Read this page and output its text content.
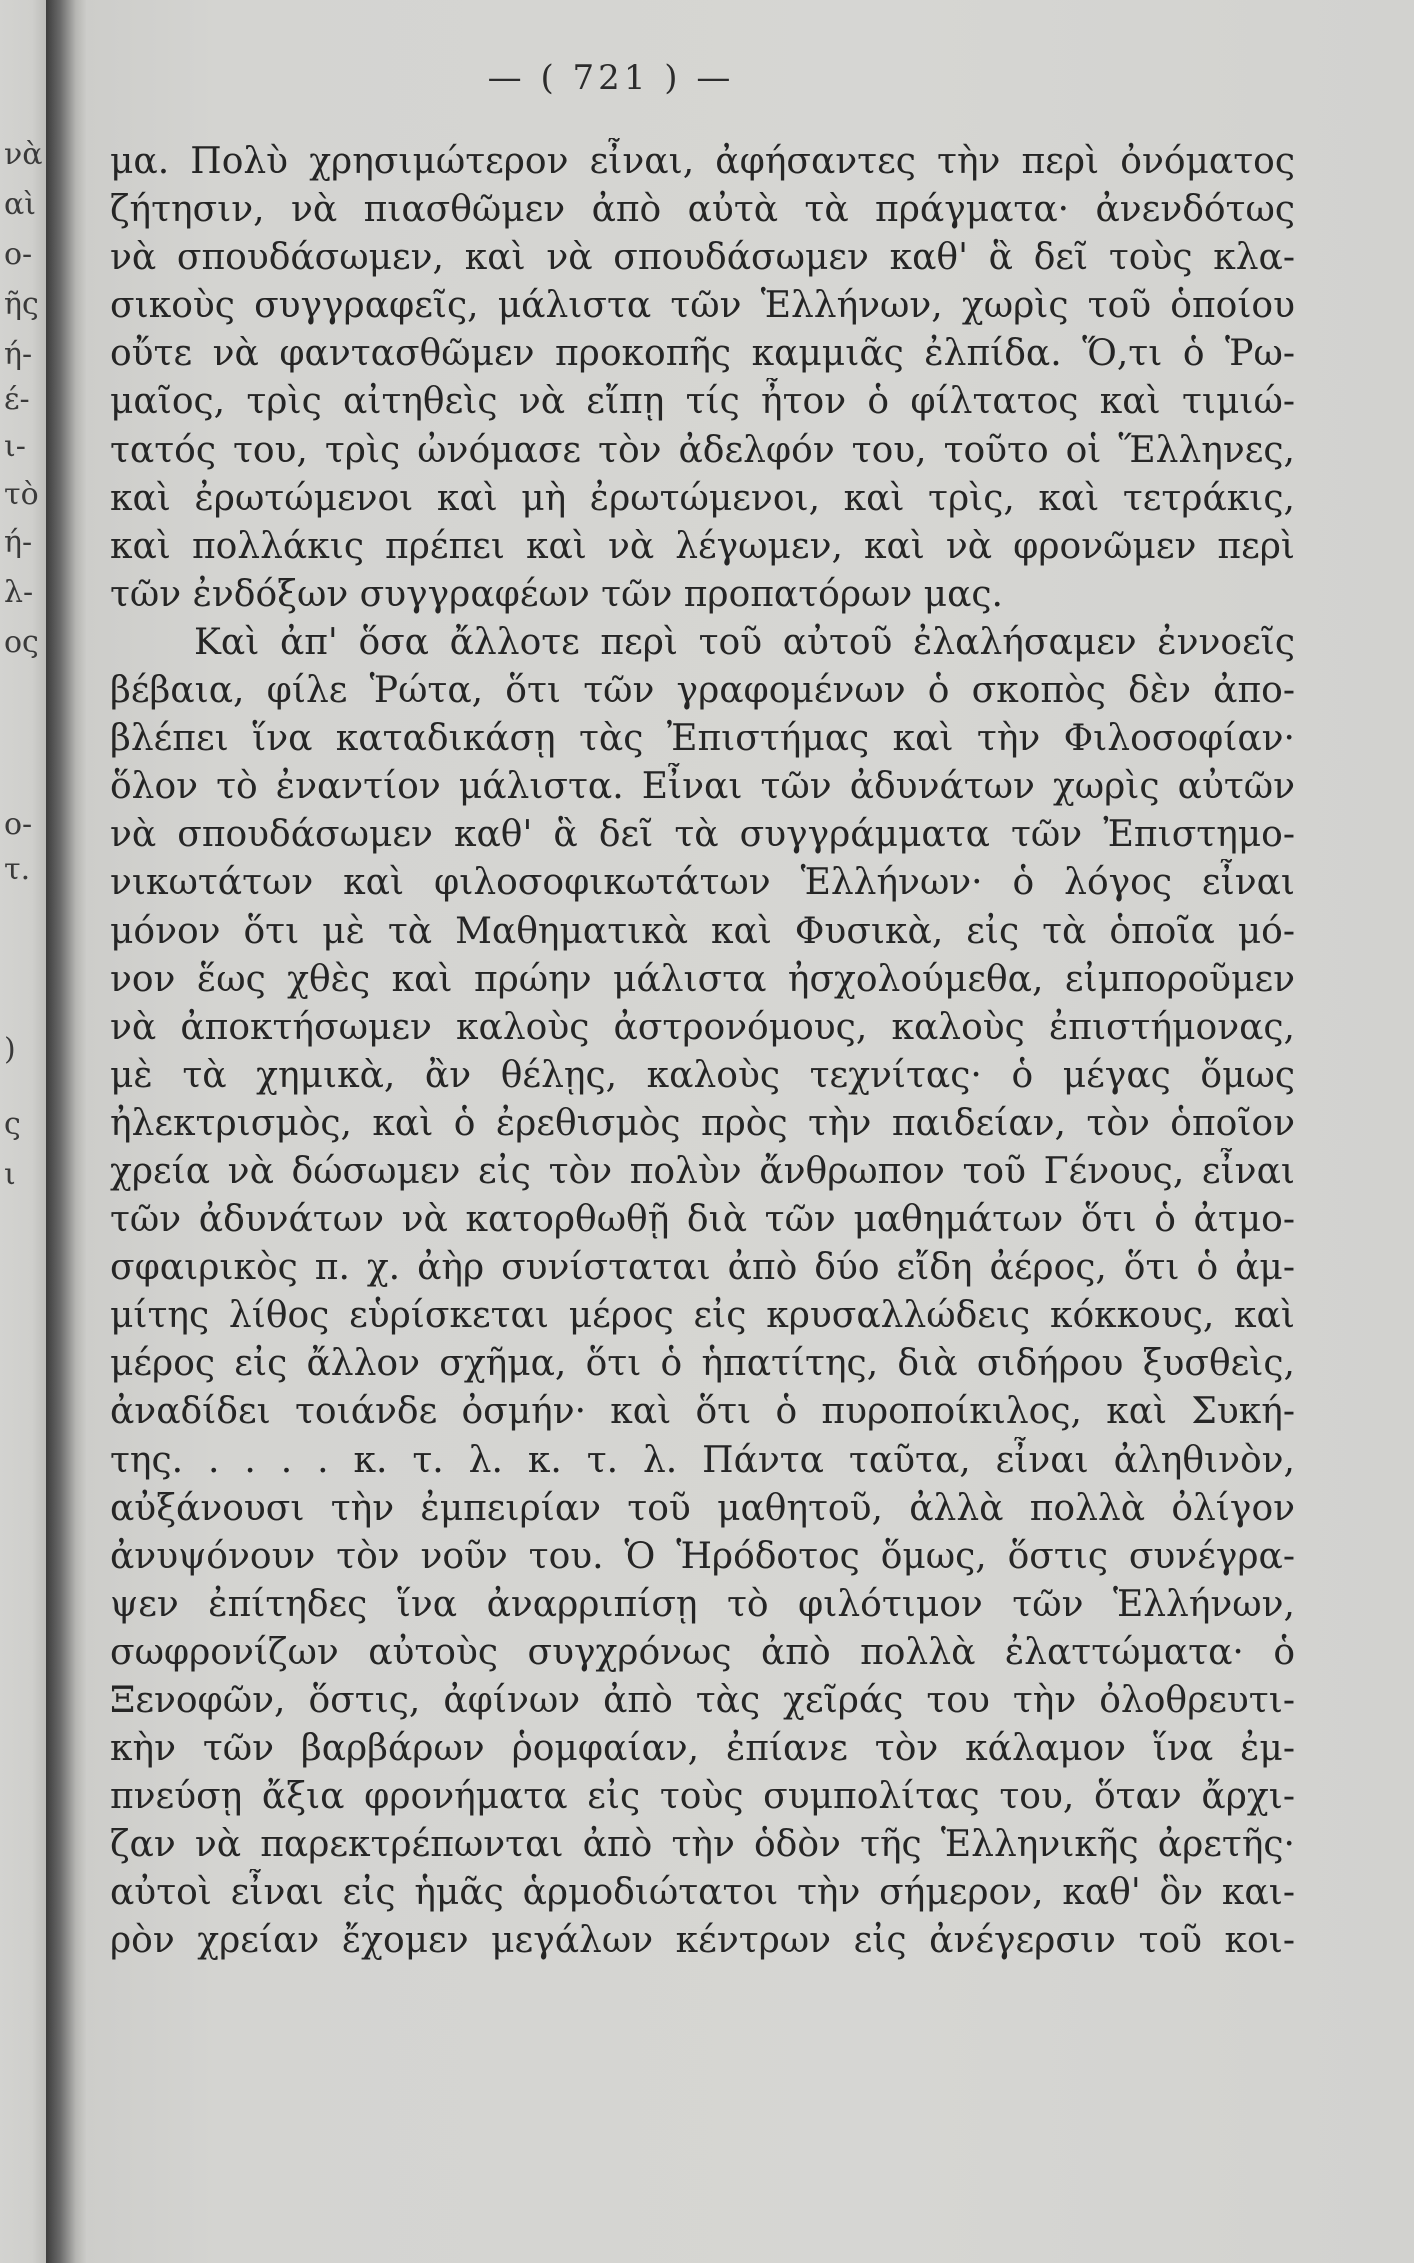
νὰ
αὶ
ο-
ῆς
ή-
έ-
ι-
τὸ
ή-
λ-
ος
ο-
τ.
)
ς
ι
— ( 721 ) —
μα. Πολὺ χρησιμώτερον εἶναι, ἀφήσαντες τὴν περὶ ὀνόματος
ζήτησιν, νὰ πιασθῶμεν ἀπὸ αὐτὰ τὰ πράγματα· ἀνενδότως
νὰ σπουδάσωμεν, καὶ νὰ σπουδάσωμεν καθ' ἃ δεῖ τοὺς κλα-
σικοὺς συγγραφεῖς, μάλιστα τῶν Ἑλλήνων, χωρὶς τοῦ ὁποίου
οὔτε νὰ φαντασθῶμεν προκοπῆς καμμιᾶς ἐλπίδα. Ὅ,τι ὁ Ῥω-
μαῖος, τρὶς αἰτηθεὶς νὰ εἴπῃ τίς ἦτον ὁ φίλτατος καὶ τιμιώ-
τατός του, τρὶς ὠνόμασε τὸν ἀδελφόν του, τοῦτο οἱ Ἕλληνες,
καὶ ἐρωτώμενοι καὶ μὴ ἐρωτώμενοι, καὶ τρὶς, καὶ τετράκις,
καὶ πολλάκις πρέπει καὶ νὰ λέγωμεν, καὶ νὰ φρονῶμεν περὶ
τῶν ἐνδόξων συγγραφέων τῶν προπατόρων μας.
Καὶ ἀπ' ὅσα ἄλλοτε περὶ τοῦ αὐτοῦ ἐλαλήσαμεν ἐννοεῖς
βέβαια, φίλε Ῥώτα, ὅτι τῶν γραφομένων ὁ σκοπὸς δὲν ἀπο-
βλέπει ἵνα καταδικάσῃ τὰς Ἐπιστήμας καὶ τὴν Φιλοσοφίαν·
ὅλον τὸ ἐναντίον μάλιστα. Εἶναι τῶν ἀδυνάτων χωρὶς αὐτῶν
νὰ σπουδάσωμεν καθ' ἃ δεῖ τὰ συγγράμματα τῶν Ἐπιστημο-
νικωτάτων καὶ φιλοσοφικωτάτων Ἑλλήνων· ὁ λόγος εἶναι
μόνον ὅτι μὲ τὰ Μαθηματικὰ καὶ Φυσικὰ, εἰς τὰ ὁποῖα μό-
νον ἕως χθὲς καὶ πρώην μάλιστα ἠσχολούμεθα, εἰμποροῦμεν
νὰ ἀποκτήσωμεν καλοὺς ἀστρονόμους, καλοὺς ἐπιστήμονας,
μὲ τὰ χημικὰ, ἂν θέλῃς, καλοὺς τεχνίτας· ὁ μέγας ὅμως
ἠλεκτρισμὸς, καὶ ὁ ἐρεθισμὸς πρὸς τὴν παιδείαν, τὸν ὁποῖον
χρεία νὰ δώσωμεν εἰς τὸν πολὺν ἄνθρωπον τοῦ Γένους, εἶναι
τῶν ἀδυνάτων νὰ κατορθωθῇ διὰ τῶν μαθημάτων ὅτι ὁ ἀτμο-
σφαιρικὸς π. χ. ἀὴρ συνίσταται ἀπὸ δύο εἴδη ἀέρος, ὅτι ὁ ἀμ-
μίτης λίθος εὑρίσκεται μέρος εἰς κρυσαλλώδεις κόκκους, καὶ
μέρος εἰς ἄλλον σχῆμα, ὅτι ὁ ἡπατίτης, διὰ σιδήρου ξυσθεὶς,
ἀναδίδει τοιάνδε ὀσμήν· καὶ ὅτι ὁ πυροποίκιλος, καὶ Συκή-
της. . . . . κ. τ. λ. κ. τ. λ. Πάντα ταῦτα, εἶναι ἀληθινὸν,
αὐξάνουσι τὴν ἐμπειρίαν τοῦ μαθητοῦ, ἀλλὰ πολλὰ ὀλίγον
ἀνυψόνουν τὸν νοῦν του. Ὁ Ἡρόδοτος ὅμως, ὅστις συνέγρα-
ψεν ἐπίτηδες ἵνα ἀναρριπίσῃ τὸ φιλότιμον τῶν Ἑλλήνων,
σωφρονίζων αὐτοὺς συγχρόνως ἀπὸ πολλὰ ἐλαττώματα· ὁ
Ξενοφῶν, ὅστις, ἀφίνων ἀπὸ τὰς χεῖράς του τὴν ὀλοθρευτι-
κὴν τῶν βαρβάρων ῥομφαίαν, ἐπίανε τὸν κάλαμον ἵνα ἐμ-
πνεύσῃ ἄξια φρονήματα εἰς τοὺς συμπολίτας του, ὅταν ἄρχι-
ζαν νὰ παρεκτρέπωνται ἀπὸ τὴν ὁδὸν τῆς Ἑλληνικῆς ἀρετῆς·
αὐτοὶ εἶναι εἰς ἡμᾶς ἁρμοδιώτατοι τὴν σήμερον, καθ' ὃν και-
ρὸν χρείαν ἔχομεν μεγάλων κέντρων εἰς ἀνέγερσιν τοῦ κοι-
